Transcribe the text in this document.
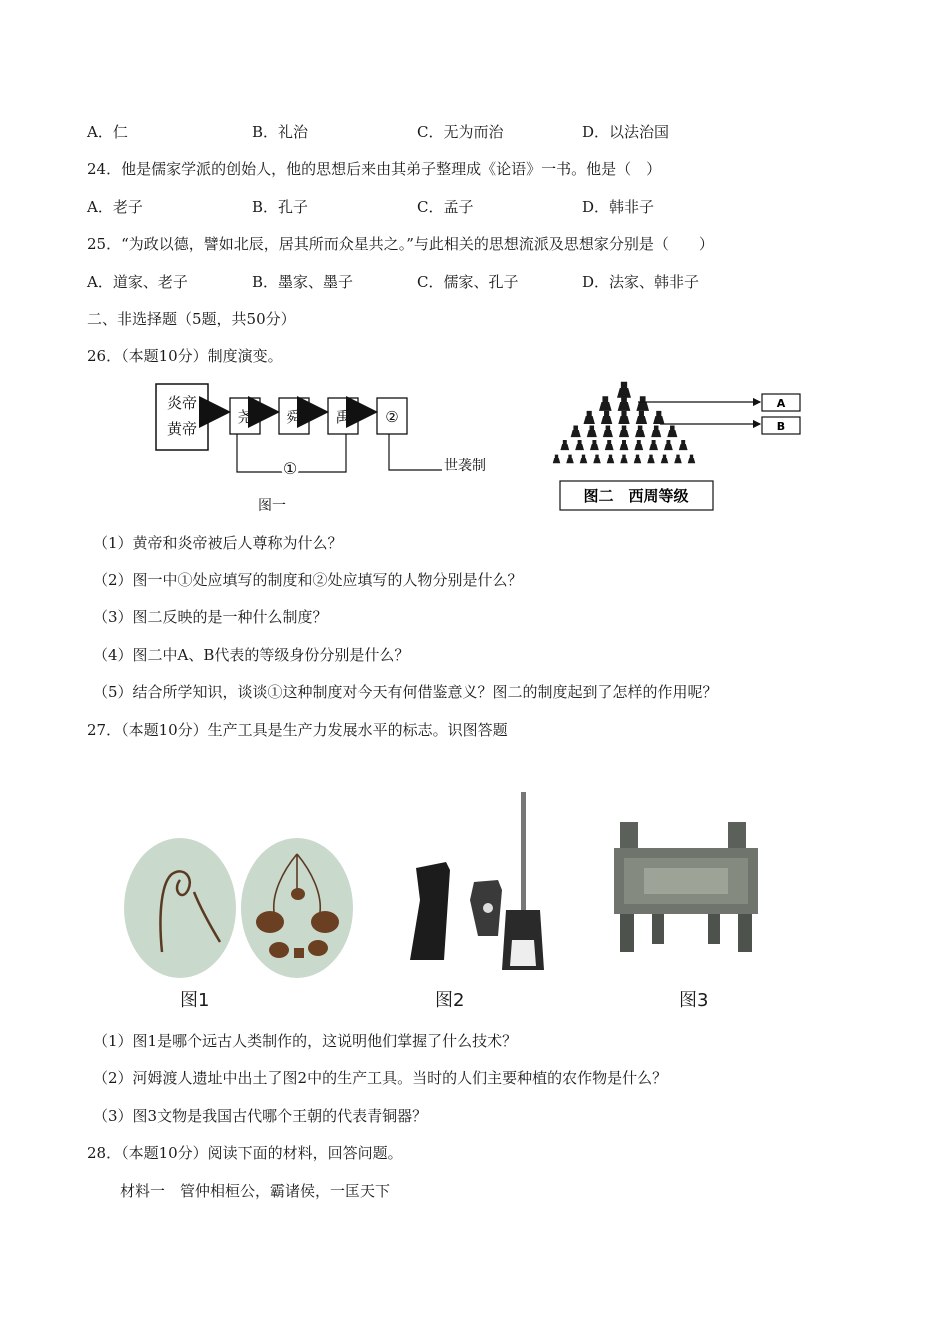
A．仁	B．礼治	C．无为而治	D．以法治国
24．他是儒家学派的创始人，他的思想后来由其弟子整理成《论语》一书。他是（　）
A．老子	B．孔子	C．孟子	D．韩非子
25．“为政以德，譬如北辰，居其所而众星共之。”与此相关的思想流派及思想家分别是（　　）
A．道家、老子	B．墨家、墨子	C．儒家、孔子	D．法家、韩非子
二、非选择题（5题，共50分）
26．（本题10分）制度演变。
炎帝
黄帝
尧 舜 禹 ②
①	世袭制
图一
A
B
图二　西周等级
（1）黄帝和炎帝被后人尊称为什么？
（2）图一中①处应填写的制度和②处应填写的人物分别是什么？
（3）图二反映的是一种什么制度？
（4）图二中A、B代表的等级身份分别是什么？
（5）结合所学知识，谈谈①这种制度对今天有何借鉴意义？图二的制度起到了怎样的作用呢？
27．（本题10分）生产工具是生产力发展水平的标志。识图答题
图1	图2	图3
（1）图1是哪个远古人类制作的，这说明他们掌握了什么技术？
（2）河姆渡人遗址中出土了图2中的生产工具。当时的人们主要种植的农作物是什么？
（3）图3文物是我国古代哪个王朝的代表青铜器？
28．（本题10分）阅读下面的材料，回答问题。
材料一　管仲相桓公，霸诸侯，一匡天下
